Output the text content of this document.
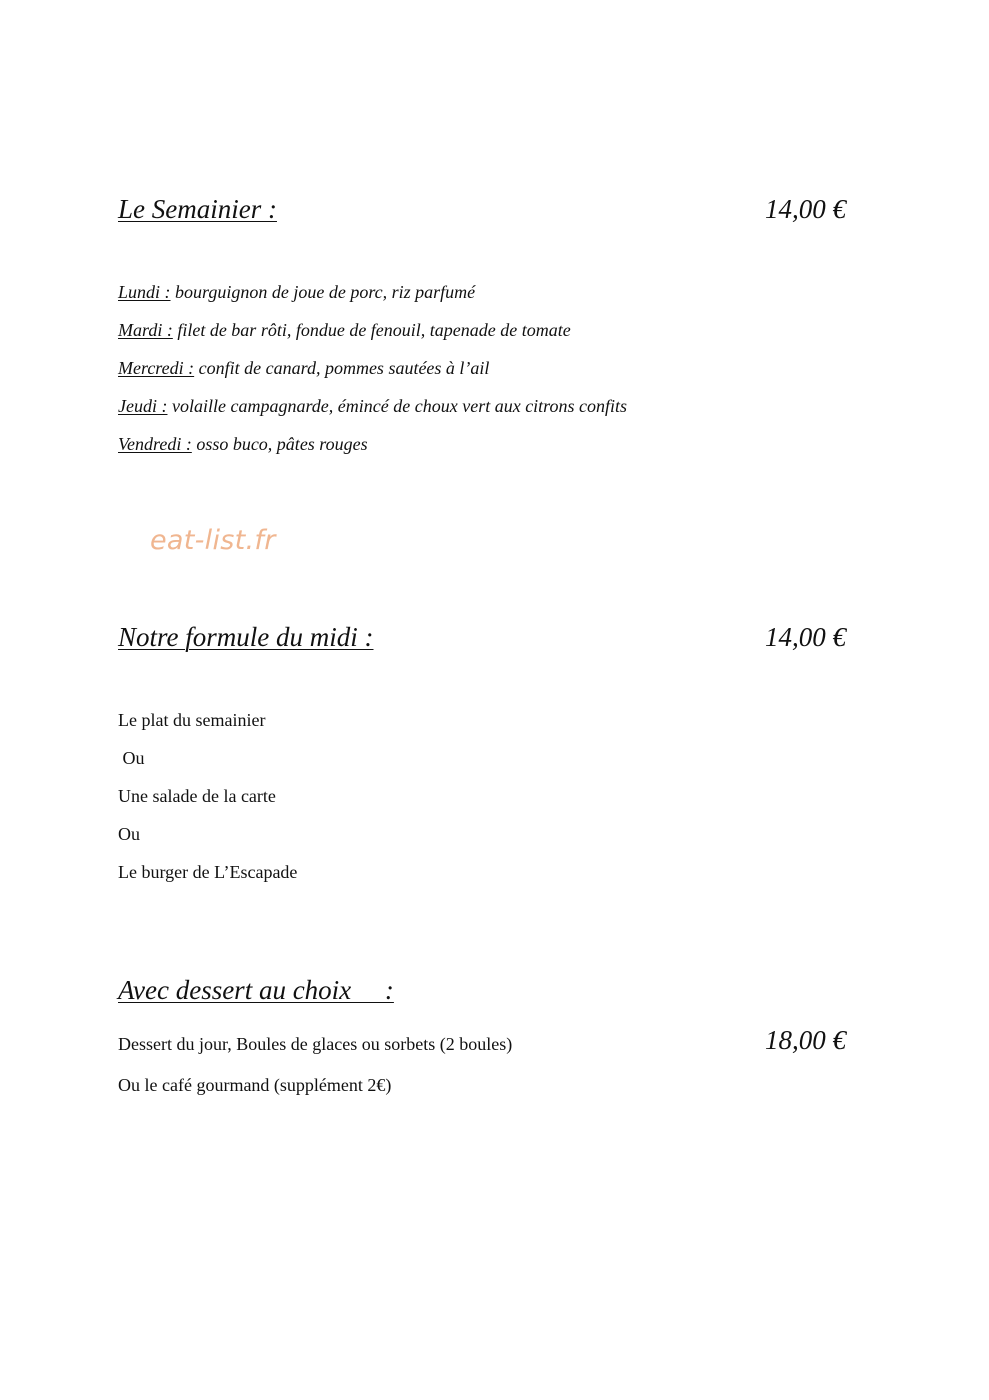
Le Semainier :	14,00 €
Lundi : bourguignon de joue de porc, riz parfumé
Mardi : filet de bar rôti, fondue de fenouil, tapenade de tomate
Mercredi : confit de canard, pommes sautées à l’ail
Jeudi : volaille campagnarde, émincé de choux vert aux citrons confits
Vendredi : osso buco, pâtes rouges
eat-list.fr
Notre formule du midi :	14,00 €
Le plat du semainier
Ou
Une salade de la carte
Ou
Le burger de L’Escapade
Avec dessert au choix     :
18,00 €
Dessert du jour, Boules de glaces ou sorbets (2 boules)
Ou le café gourmand (supplément 2€)
